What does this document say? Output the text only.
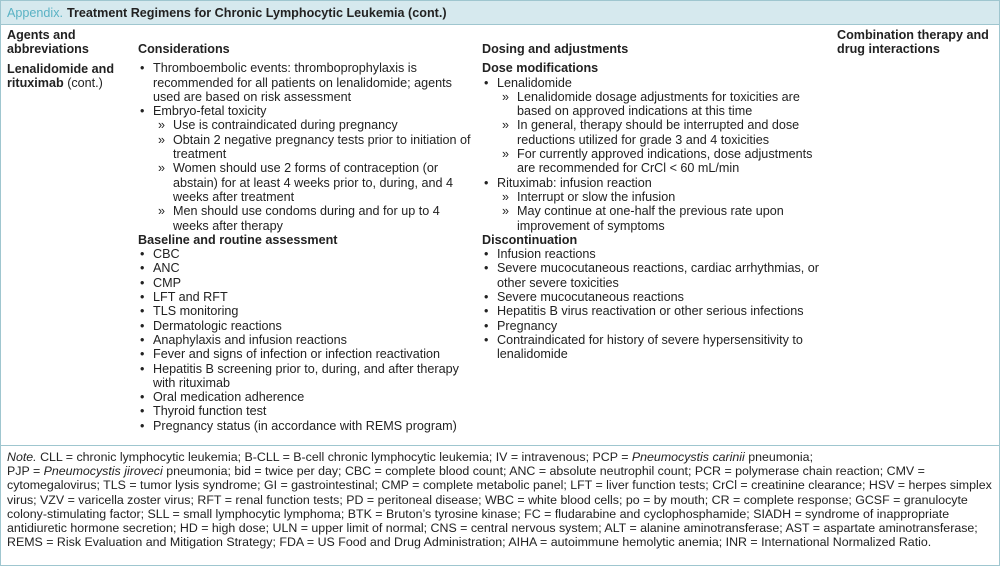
Appendix. Treatment Regimens for Chronic Lymphocytic Leukemia (cont.)
Agents and abbreviations
Lenalidomide and rituximab (cont.)
Considerations
• Thromboembolic events: thromboprophylaxis is recommended for all patients on lenalidomide; agents used are based on risk assessment
• Embryo-fetal toxicity
» Use is contraindicated during pregnancy
» Obtain 2 negative pregnancy tests prior to initiation of treatment
» Women should use 2 forms of contraception (or abstain) for at least 4 weeks prior to, during, and 4 weeks after treatment
» Men should use condoms during and for up to 4 weeks after therapy
Baseline and routine assessment
• CBC
• ANC
• CMP
• LFT and RFT
• TLS monitoring
• Dermatologic reactions
• Anaphylaxis and infusion reactions
• Fever and signs of infection or infection reactivation
• Hepatitis B screening prior to, during, and after therapy with rituximab
• Oral medication adherence
• Thyroid function test
• Pregnancy status (in accordance with REMS program)
Dosing and adjustments
Dose modifications
• Lenalidomide
» Lenalidomide dosage adjustments for toxicities are based on approved indications at this time
» In general, therapy should be interrupted and dose reductions utilized for grade 3 and 4 toxicities
» For currently approved indications, dose adjustments are recommended for CrCl < 60 mL/min
• Rituximab: infusion reaction
» Interrupt or slow the infusion
» May continue at one-half the previous rate upon improvement of symptoms
Discontinuation
• Infusion reactions
• Severe mucocutaneous reactions, cardiac arrhythmias, or other severe toxicities
• Severe mucocutaneous reactions
• Hepatitis B virus reactivation or other serious infections
• Pregnancy
• Contraindicated for history of severe hypersensitivity to lenalidomide
Combination therapy and drug interactions
Note. CLL = chronic lymphocytic leukemia; B-CLL = B-cell chronic lymphocytic leukemia; IV = intravenous; PCP = Pneumocystis carinii pneumonia;
PJP = Pneumocystis jiroveci pneumonia; bid = twice per day; CBC = complete blood count; ANC = absolute neutrophil count; PCR = polymerase chain reaction; CMV = cytomegalovirus; TLS = tumor lysis syndrome; GI = gastrointestinal; CMP = complete metabolic panel; LFT = liver function tests; CrCl = creatinine clearance; HSV = herpes simplex virus; VZV = varicella zoster virus; RFT = renal function tests; PD = peritoneal disease; WBC = white blood cells; po = by mouth; CR = complete response; GCSF = granulocyte colony-stimulating factor; SLL = small lymphocytic lymphoma; BTK = Bruton’s tyrosine kinase; FC = fludarabine and cyclophosphamide; SIADH = syndrome of inappropriate antidiuretic hormone secretion; HD = high dose; ULN = upper limit of normal; CNS = central nervous system; ALT = alanine aminotransferase; AST = aspartate aminotransferase; REMS = Risk Evaluation and Mitigation Strategy; FDA = US Food and Drug Administration; AIHA = autoimmune hemolytic anemia; INR = International Normalized Ratio.
